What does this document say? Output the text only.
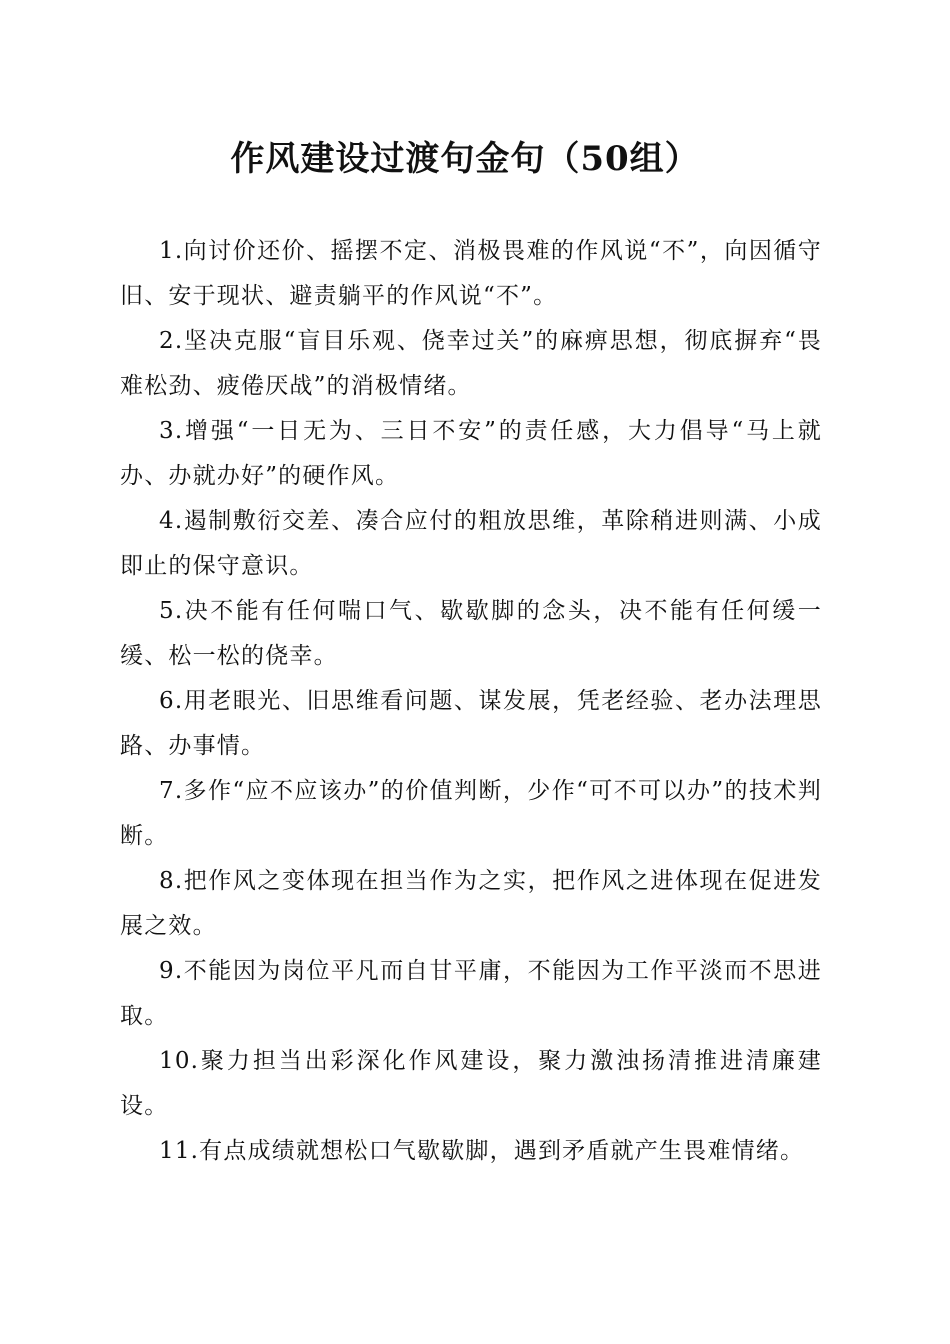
作风建设过渡句金句（50组）

1.向讨价还价、摇摆不定、消极畏难的作风说“不”，向因循守旧、安于现状、避责躺平的作风说“不”。

2.坚决克服“盲目乐观、侥幸过关”的麻痹思想，彻底摒弃“畏难松劲、疲倦厌战”的消极情绪。

3.增强“一日无为、三日不安”的责任感，大力倡导“马上就办、办就办好”的硬作风。

4.遏制敷衍交差、凑合应付的粗放思维，革除稍进则满、小成即止的保守意识。

5.决不能有任何喘口气、歇歇脚的念头，决不能有任何缓一缓、松一松的侥幸。

6.用老眼光、旧思维看问题、谋发展，凭老经验、老办法理思路、办事情。

7.多作“应不应该办”的价值判断，少作“可不可以办”的技术判断。

8.把作风之变体现在担当作为之实，把作风之进体现在促进发展之效。

9.不能因为岗位平凡而自甘平庸，不能因为工作平淡而不思进取。

10.聚力担当出彩深化作风建设，聚力激浊扬清推进清廉建设。

11.有点成绩就想松口气歇歇脚，遇到矛盾就产生畏难情绪。
